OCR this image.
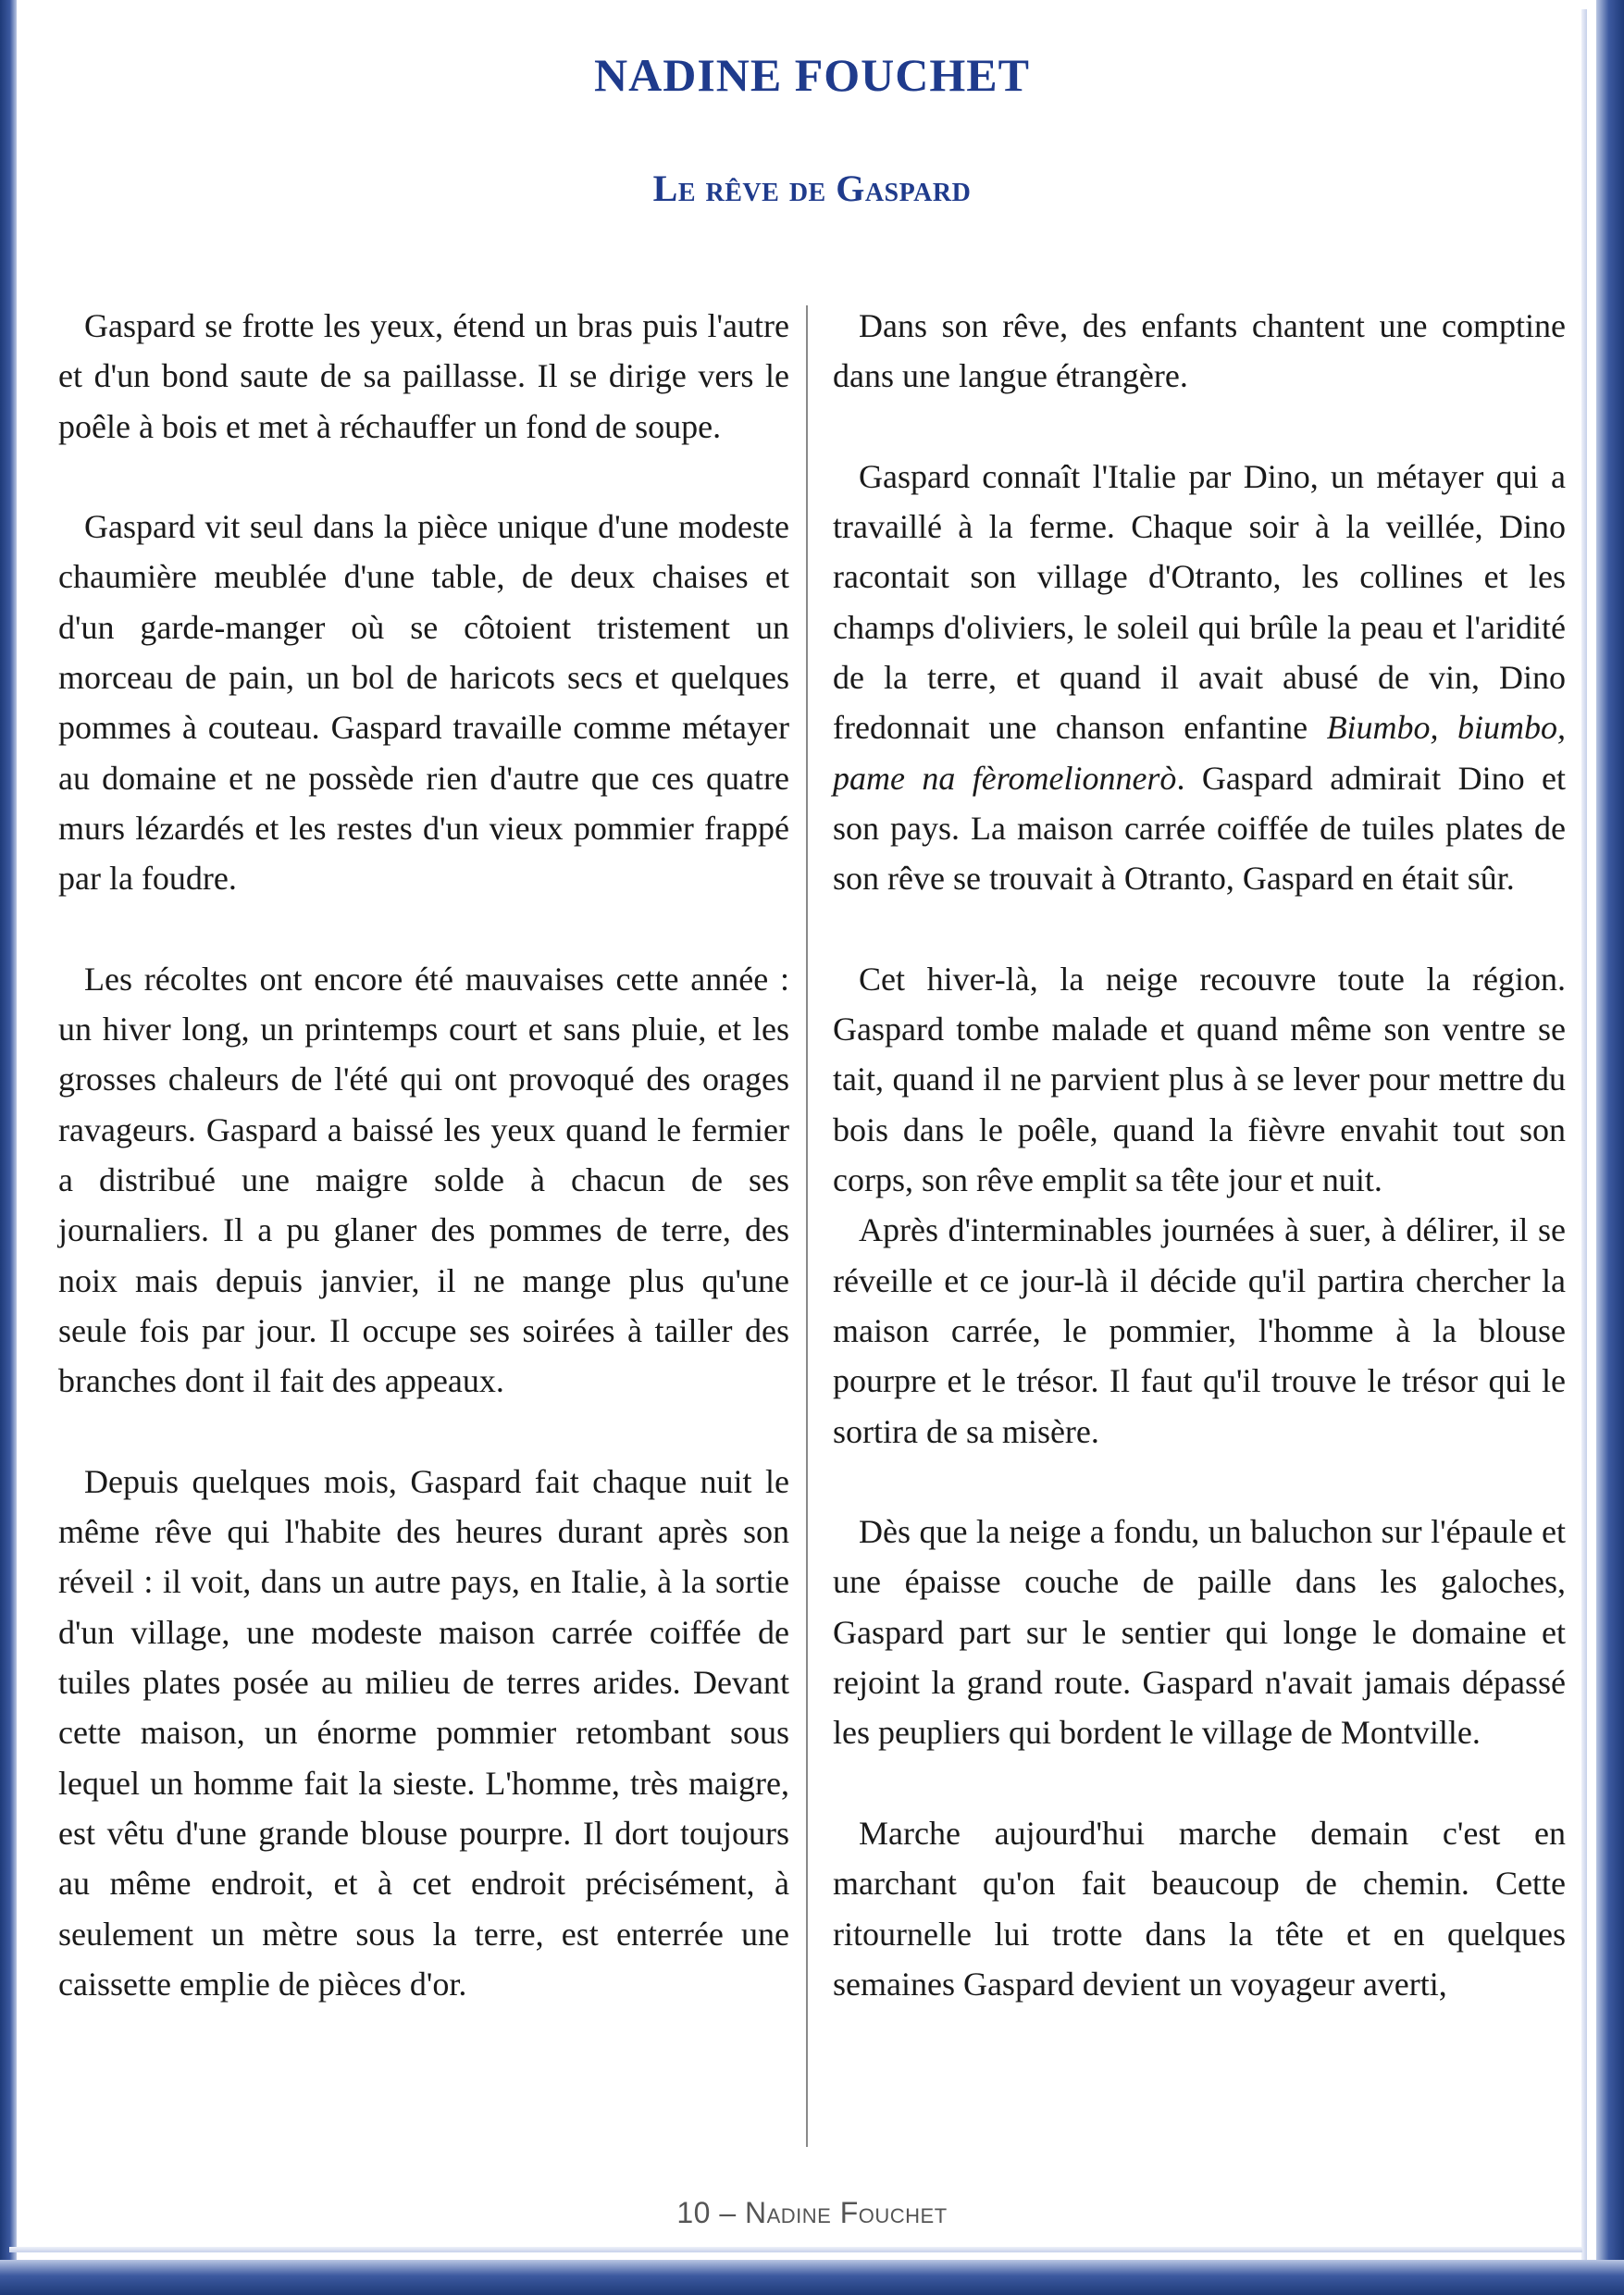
NADINE FOUCHET
Le rêve de Gaspard

Gaspard se frotte les yeux, étend un bras puis l'autre et d'un bond saute de sa paillasse. Il se dirige vers le poêle à bois et met à réchauffer un fond de soupe.

Gaspard vit seul dans la pièce unique d'une modeste chaumière meublée d'une table, de deux chaises et d'un garde-manger où se côtoient tristement un morceau de pain, un bol de haricots secs et quelques pommes à couteau. Gaspard travaille comme métayer au domaine et ne possède rien d'autre que ces quatre murs lézardés et les restes d'un vieux pommier frappé par la foudre.

Les récoltes ont encore été mauvaises cette année : un hiver long, un printemps court et sans pluie, et les grosses chaleurs de l'été qui ont provoqué des orages ravageurs. Gaspard a baissé les yeux quand le fermier a distribué une maigre solde à chacun de ses journaliers. Il a pu glaner des pommes de terre, des noix mais depuis janvier, il ne mange plus qu'une seule fois par jour. Il occupe ses soirées à tailler des branches dont il fait des appeaux.

Depuis quelques mois, Gaspard fait chaque nuit le même rêve qui l'habite des heures durant après son réveil : il voit, dans un autre pays, en Italie, à la sortie d'un village, une modeste maison carrée coiffée de tuiles plates posée au milieu de terres arides. Devant cette maison, un énorme pommier retombant sous lequel un homme fait la sieste. L'homme, très maigre, est vêtu d'une grande blouse pourpre. Il dort toujours au même endroit, et à cet endroit précisément, à seulement un mètre sous la terre, est enterrée une caissette emplie de pièces d'or.

Dans son rêve, des enfants chantent une comptine dans une langue étrangère.

Gaspard connaît l'Italie par Dino, un métayer qui a travaillé à la ferme. Chaque soir à la veillée, Dino racontait son village d'Otranto, les collines et les champs d'oliviers, le soleil qui brûle la peau et l'aridité de la terre, et quand il avait abusé de vin, Dino fredonnait une chanson enfantine Biumbo, biumbo, pame na fèromelionnerò. Gaspard admirait Dino et son pays. La maison carrée coiffée de tuiles plates de son rêve se trouvait à Otranto, Gaspard en était sûr.

Cet hiver-là, la neige recouvre toute la région. Gaspard tombe malade et quand même son ventre se tait, quand il ne parvient plus à se lever pour mettre du bois dans le poêle, quand la fièvre envahit tout son corps, son rêve emplit sa tête jour et nuit.

Après d'interminables journées à suer, à délirer, il se réveille et ce jour-là il décide qu'il partira chercher la maison carrée, le pommier, l'homme à la blouse pourpre et le trésor. Il faut qu'il trouve le trésor qui le sortira de sa misère.

Dès que la neige a fondu, un baluchon sur l'épaule et une épaisse couche de paille dans les galoches, Gaspard part sur le sentier qui longe le domaine et rejoint la grand route. Gaspard n'avait jamais dépassé les peupliers qui bordent le village de Montville.

Marche aujourd'hui marche demain c'est en marchant qu'on fait beaucoup de chemin. Cette ritournelle lui trotte dans la tête et en quelques semaines Gaspard devient un voyageur averti,

10 – Nadine Fouchet
